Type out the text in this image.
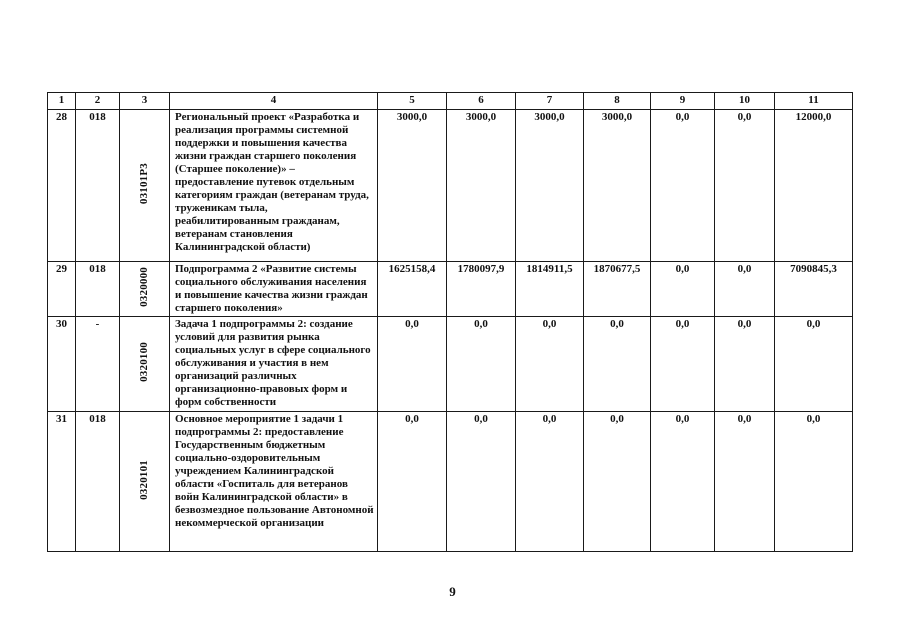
1	2	3	4	5	6	7	8	9	10	11
28	018	03101Р3	Региональный проект «Разработка и реализация программы системной поддержки и повышения качества жизни граждан старшего поколения (Старшее поколение)» – предоставление путевок отдельным категориям граждан (ветеранам труда, труженикам тыла, реабилитированным гражданам, ветеранам становления Калининградской области)	3000,0	3000,0	3000,0	3000,0	0,0	0,0	12000,0
29	018	0320000	Подпрограмма 2 «Развитие системы социального обслуживания населения и повышение качества жизни граждан старшего поколения»	1625158,4	1780097,9	1814911,5	1870677,5	0,0	0,0	7090845,3
30	-	0320100	Задача 1 подпрограммы 2: создание условий для развития рынка социальных услуг в сфере социального обслуживания и участия в нем организаций различных организационно-правовых форм и форм собственности	0,0	0,0	0,0	0,0	0,0	0,0	0,0
31	018	0320101	Основное мероприятие 1 задачи 1 подпрограммы 2: предоставление Государственным бюджетным социально-оздоровительным учреждением Калининградской области «Госпиталь для ветеранов войн Калининградской области» в безвозмездное пользование Автономной некоммерческой организации	0,0	0,0	0,0	0,0	0,0	0,0	0,0
9
